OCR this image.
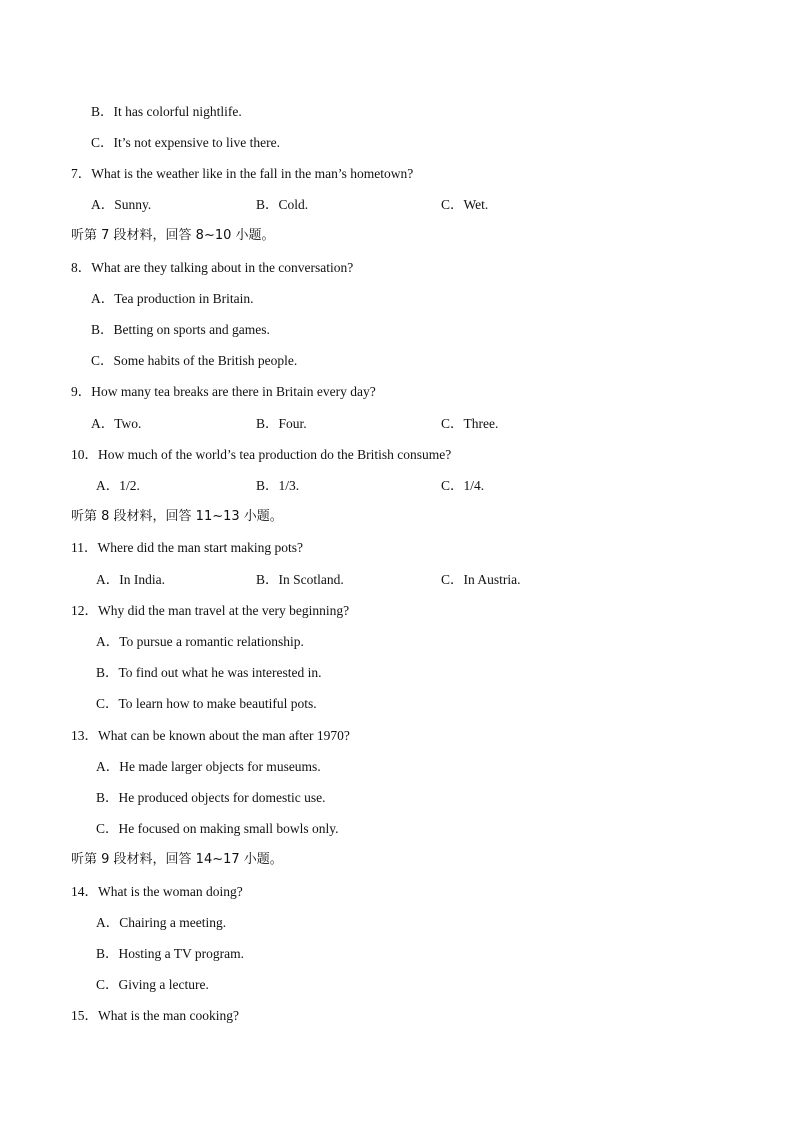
B．It has colorful nightlife.
C．It’s not expensive to live there.
7．What is the weather like in the fall in the man’s hometown?
A．Sunny.	B．Cold.	C．Wet.
听第 7 段材料，回答 8~10 小题。
8．What are they talking about in the conversation?
A．Tea production in Britain.
B．Betting on sports and games.
C．Some habits of the British people.
9．How many tea breaks are there in Britain every day?
A．Two.	B．Four.	C．Three.
10．How much of the world’s tea production do the British consume?
A．1/2.	B．1/3.	C．1/4.
听第 8 段材料，回答 11~13 小题。
11．Where did the man start making pots?
A．In India.	B．In Scotland.	C．In Austria.
12．Why did the man travel at the very beginning?
A．To pursue a romantic relationship.
B．To find out what he was interested in.
C．To learn how to make beautiful pots.
13．What can be known about the man after 1970?
A．He made larger objects for museums.
B．He produced objects for domestic use.
C．He focused on making small bowls only.
听第 9 段材料，回答 14~17 小题。
14．What is the woman doing?
A．Chairing a meeting.
B．Hosting a TV program.
C．Giving a lecture.
15．What is the man cooking?
